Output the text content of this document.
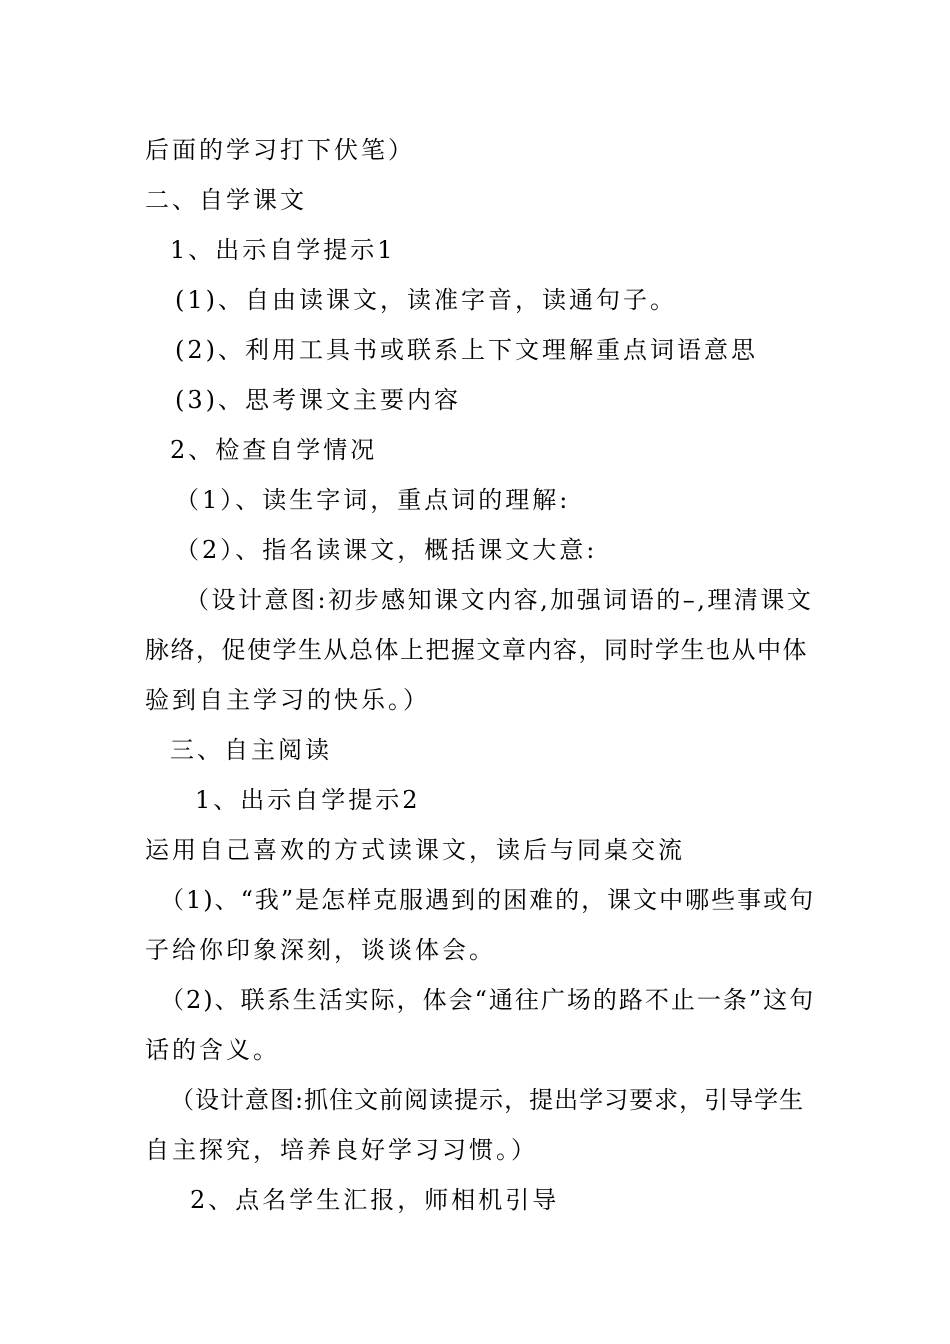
后面的学习打下伏笔）
二、自学课文
1、出示自学提示1
(1)、自由读课文，读准字音，读通句子。
(2)、利用工具书或联系上下文理解重点词语意思
(3)、思考课文主要内容
2、检查自学情况
（1）、读生字词，重点词的理解:
（2）、指名读课文，概括课文大意:
（设计意图:初步感知课文内容,加强词语的–,理清课文
脉络，促使学生从总体上把握文章内容，同时学生也从中体
验到自主学习的快乐。）
三、自主阅读
1、出示自学提示2
运用自己喜欢的方式读课文，读后与同桌交流
（1)、“我”是怎样克服遇到的困难的，课文中哪些事或句
子给你印象深刻，谈谈体会。
（2)、联系生活实际，体会“通往广场的路不止一条”这句
话的含义。
（设计意图:抓住文前阅读提示，提出学习要求，引导学生
自主探究，培养良好学习习惯。）
2、点名学生汇报，师相机引导
